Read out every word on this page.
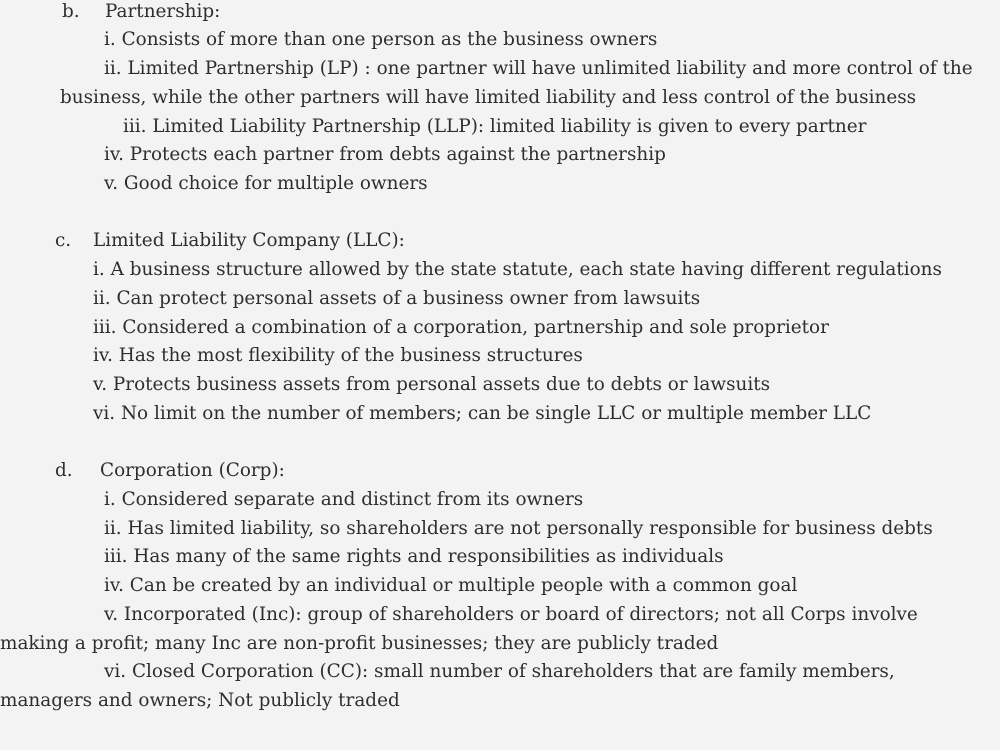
b. Partnership:
i. Consists of more than one person as the business owners
ii. Limited Partnership (LP) : one partner will have unlimited liability and more control of the
business, while the other partners will have limited liability and less control of the business
iii. Limited Liability Partnership (LLP): limited liability is given to every partner
iv. Protects each partner from debts against the partnership
v. Good choice for multiple owners
c. Limited Liability Company (LLC):
i. A business structure allowed by the state statute, each state having different regulations
ii. Can protect personal assets of a business owner from lawsuits
iii. Considered a combination of a corporation, partnership and sole proprietor
iv. Has the most flexibility of the business structures
v. Protects business assets from personal assets due to debts or lawsuits
vi. No limit on the number of members; can be single LLC or multiple member LLC
d. Corporation (Corp):
i. Considered separate and distinct from its owners
ii. Has limited liability, so shareholders are not personally responsible for business debts
iii. Has many of the same rights and responsibilities as individuals
iv. Can be created by an individual or multiple people with a common goal
v. Incorporated (Inc): group of shareholders or board of directors; not all Corps involve
making a profit; many Inc are non-profit businesses; they are publicly traded
vi. Closed Corporation (CC): small number of shareholders that are family members,
managers and owners; Not publicly traded
